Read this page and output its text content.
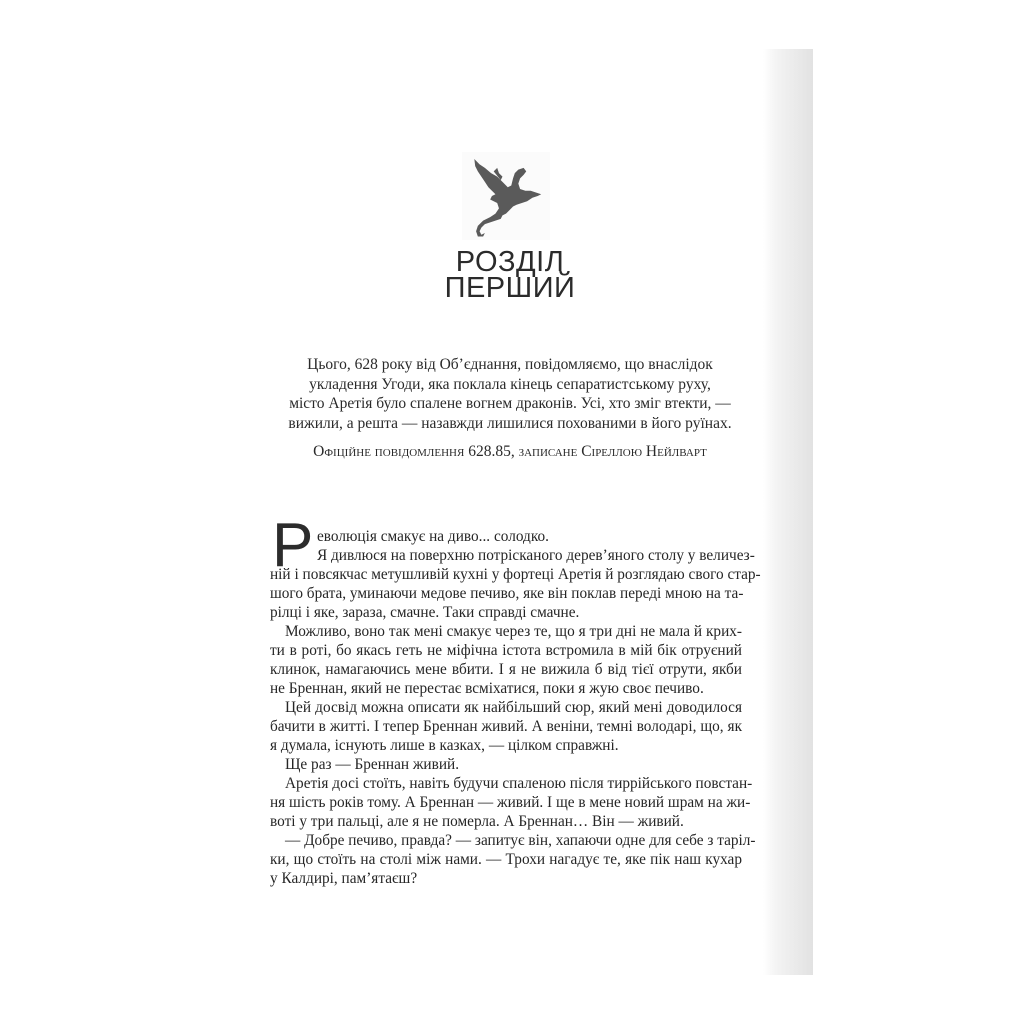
РОЗДІЛ
ПЕРШИЙ
Цього, 628 року від Об’єднання, повідомляємо, що внаслідок
укладення Угоди, яка поклала кінець сепаратистському руху,
місто Аретія було спалене вогнем драконів. Усі, хто зміг втекти, —
вижили, а решта — назавжди лишилися похованими в його руїнах.
Офіційне повідомлення 628.85, записане Сіреллою Нейлварт
Р еволюція смакує на диво... солодко.
Я дивлюся на поверхню потрісканого дерев’яного столу у величез-
ній і повсякчас метушливій кухні у фортеці Аретія й розглядаю свого стар-
шого брата, уминаючи медове печиво, яке він поклав переді мною на та-
рілці і яке, зараза, смачне. Таки справді смачне.
Можливо, воно так мені смакує через те, що я три дні не мала й крих-
ти в роті, бо якась геть не міфічна істота встромила в мій бік отруєний
клинок, намагаючись мене вбити. І я не вижила б від тієї отрути, якби
не Бреннан, який не перестає всміхатися, поки я жую своє печиво.
Цей досвід можна описати як найбільший сюр, який мені доводилося
бачити в житті. І тепер Бреннан живий. А веніни, темні володарі, що, як
я думала, існують лише в казках, — цілком справжні.
Ще раз — Бреннан живий.
Аретія досі стоїть, навіть будучи спаленою після тиррійського повстан-
ня шість років тому. А Бреннан — живий. І ще в мене новий шрам на жи-
воті у три пальці, але я не померла. А Бреннан… Він — живий.
— Добре печиво, правда? — запитує він, хапаючи одне для себе з таріл-
ки, що стоїть на столі між нами. — Трохи нагадує те, яке пік наш кухар
у Калдирі, пам’ятаєш?
